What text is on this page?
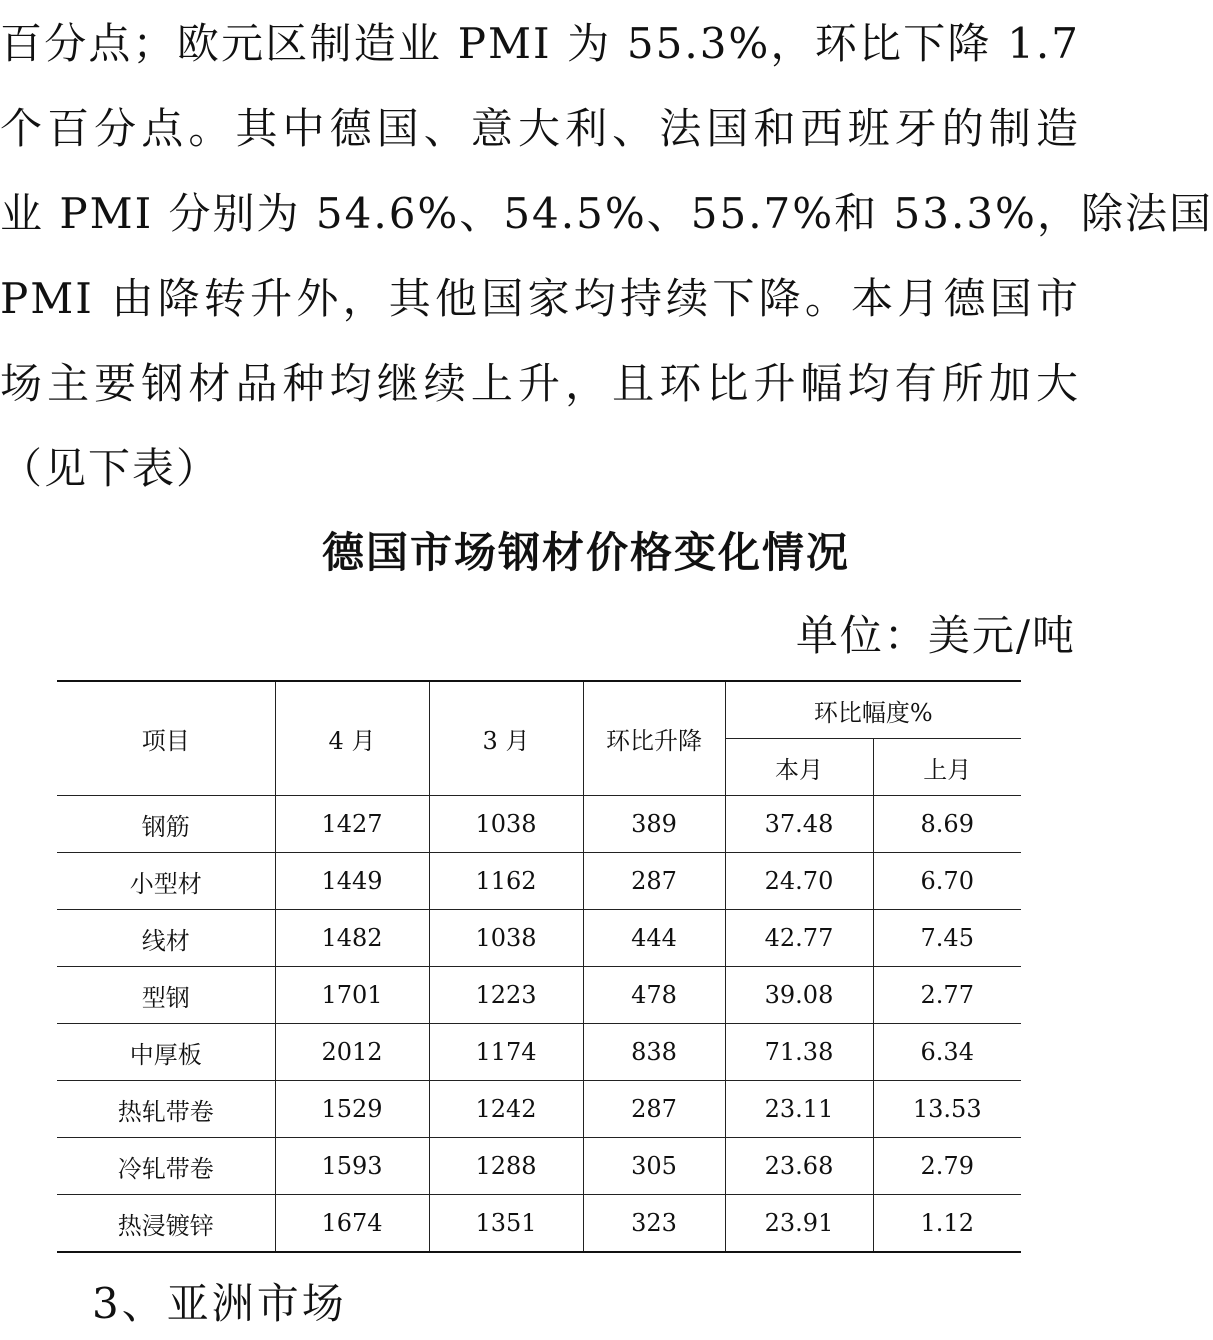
百分点；欧元区制造业 PMI 为 55.3%，环比下降 1.7
个百分点。其中德国、意大利、法国和西班牙的制造
业 PMI 分别为 54.6%、54.5%、55.7%和 53.3%，除法国
PMI 由降转升外，其他国家均持续下降。本月德国市
场主要钢材品种均继续上升，且环比升幅均有所加大
（见下表）
德国市场钢材价格变化情况
单位：美元/吨
项目	4 月	3 月	环比升降	环比幅度%	
				本月	上月
钢筋	1427	1038	389	37.48	8.69
小型材	1449	1162	287	24.70	6.70
线材	1482	1038	444	42.77	7.45
型钢	1701	1223	478	39.08	2.77
中厚板	2012	1174	838	71.38	6.34
热轧带卷	1529	1242	287	23.11	13.53
冷轧带卷	1593	1288	305	23.68	2.79
热浸镀锌	1674	1351	323	23.91	1.12
3、亚洲市场
